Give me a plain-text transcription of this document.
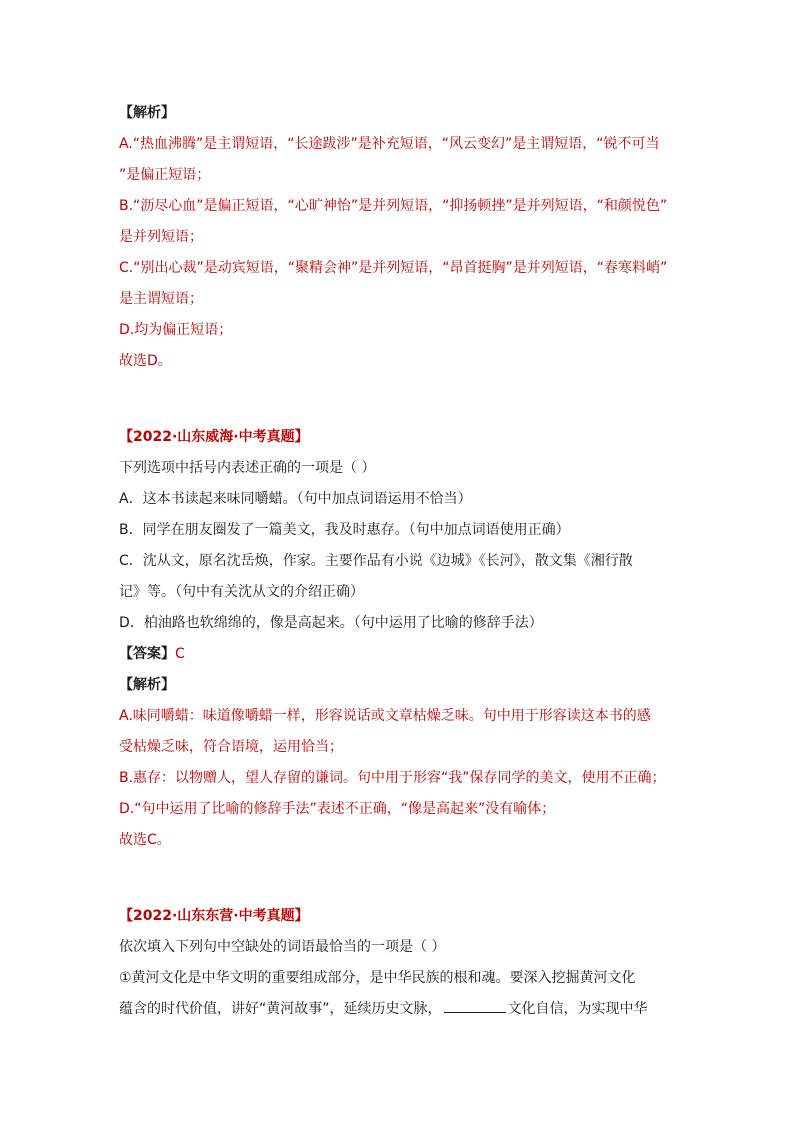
【解析】
A.“热血沸腾”是主谓短语，“长途跋涉”是补充短语，“风云变幻”是主谓短语，“锐不可当
”是偏正短语；
B.“沥尽心血”是偏正短语，“心旷神怡”是并列短语，“抑扬顿挫”是并列短语，“和颜悦色”
是并列短语；
C.“别出心裁”是动宾短语，“聚精会神”是并列短语，“昂首挺胸”是并列短语，“春寒料峭”
是主谓短语；
D.均为偏正短语；
故选D。
【2022·山东威海·中考真题】
下列选项中括号内表述正确的一项是（ ）
A．这本书读起来味同嚼蜡。（句中加点词语运用不恰当）
B．同学在朋友圈发了一篇美文，我及时惠存。（句中加点词语使用正确）
C．沈从文，原名沈岳焕，作家。主要作品有小说《边城》《长河》，散文集《湘行散
记》等。（句中有关沈从文的介绍正确）
D．柏油路也软绵绵的，像是高起来。（句中运用了比喻的修辞手法）
【答案】C
【解析】
A.味同嚼蜡：味道像嚼蜡一样，形容说话或文章枯燥乏味。句中用于形容读这本书的感
受枯燥乏味，符合语境，运用恰当；
B.惠存：以物赠人，望人存留的谦词。句中用于形容“我”保存同学的美文，使用不正确；
D.“句中运用了比喻的修辞手法”表述不正确，“像是高起来”没有喻体；
故选C。
【2022·山东东营·中考真题】
依次填入下列句中空缺处的词语最恰当的一项是（ ）
①黄河文化是中华文明的重要组成部分，是中华民族的根和魂。要深入挖掘黄河文化
蕴含的时代价值，讲好“黄河故事”，延续历史文脉，	文化自信，为实现中华
